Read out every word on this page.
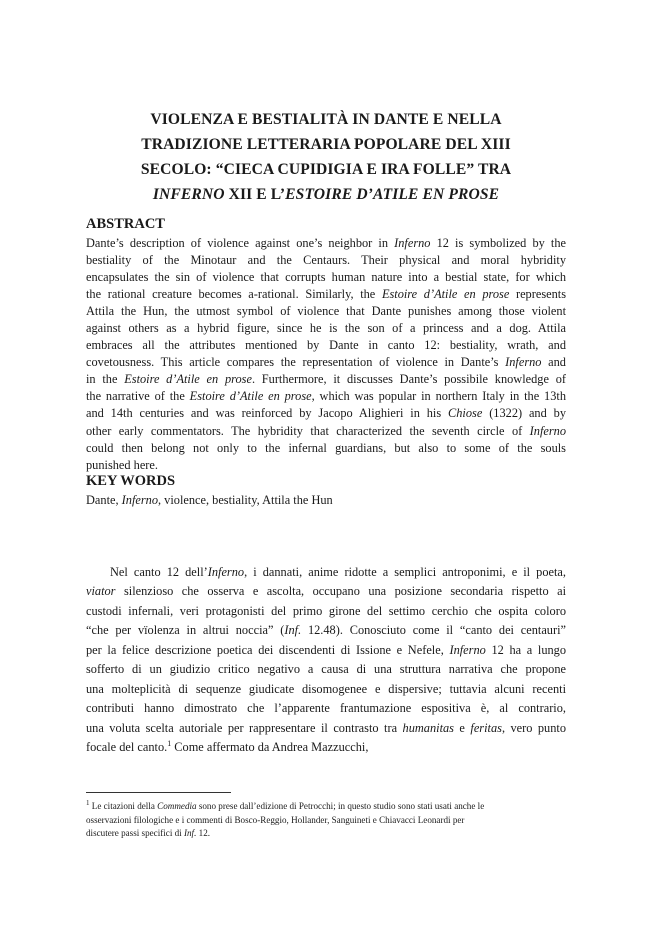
VIOLENZA E BESTIALITÀ IN DANTE E NELLA
TRADIZIONE LETTERARIA POPOLARE DEL XIII
SECOLO: “CIECA CUPIDIGIA E IRA FOLLE” TRA
INFERNO XII E L’ESTOIRE D’ATILE EN PROSE
ABSTRACT
Dante’s description of violence against one’s neighbor in Inferno 12 is symbolized by the
bestiality of the Minotaur and the Centaurs. Their physical and moral hybridity
encapsulates the sin of violence that corrupts human nature into a bestial state, for which
the rational creature becomes a-rational. Similarly, the Estoire d’Atile en prose represents
Attila the Hun, the utmost symbol of violence that Dante punishes among those violent
against others as a hybrid figure, since he is the son of a princess and a dog. Attila
embraces all the attributes mentioned by Dante in canto 12: bestiality, wrath, and
covetousness. This article compares the representation of violence in Dante’s Inferno and
in the Estoire d’Atile en prose. Furthermore, it discusses Dante’s possibile knowledge of
the narrative of the Estoire d’Atile en prose, which was popular in northern Italy in the 13th
and 14th centuries and was reinforced by Jacopo Alighieri in his Chiose (1322) and by
other early commentators. The hybridity that characterized the seventh circle of Inferno
could then belong not only to the infernal guardians, but also to some of the souls
punished here.
KEY WORDS
Dante, Inferno, violence, bestiality, Attila the Hun
Nel canto 12 dell’Inferno, i dannati, anime ridotte a semplici antroponimi, e il poeta,
viator silenzioso che osserva e ascolta, occupano una posizione secondaria rispetto ai
custodi infernali, veri protagonisti del primo girone del settimo cerchio che ospita coloro
“che per vïolenza in altrui noccia” (Inf. 12.48). Conosciuto come il “canto dei centauri”
per la felice descrizione poetica dei discendenti di Issione e Nefele, Inferno 12 ha a lungo
sofferto di un giudizio critico negativo a causa di una struttura narrativa che propone
una molteplicità di sequenze giudicate disomogenee e dispersive; tuttavia alcuni recenti
contributi hanno dimostrato che l’apparente frantumazione espositiva è, al contrario,
una voluta scelta autoriale per rappresentare il contrasto tra humanitas e feritas, vero punto
focale del canto.$^1$ Come affermato da Andrea Mazzucchi,
$^1$ Le citazioni della Commedia sono prese dall’edizione di Petrocchi; in questo studio sono stati usati anche le
osservazioni filologiche e i commenti di Bosco-Reggio, Hollander, Sanguineti e Chiavacci Leonardi per
discutere passi specifici di Inf. 12.
